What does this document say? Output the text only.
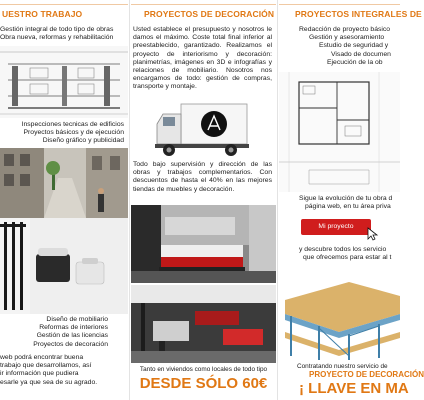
UESTRO TRABAJO
Gestión integral de todo tipo de obras
Obra nueva, reformas y rehabilitación
Inspecciones tecnicas de edificios
Proyectos básicos y de ejecución
Diseño gráfico y publicidad
Diseño de mobiliario
Reformas de interiores
Gestión de las licencias
Proyectos de decoración
web podrá encontrar buena
trabajo que desarrollamos, así
ir información que pudiera
esarle ya que sea de su agrado.
PROYECTOS DE DECORACIÓN
Usted establece el presupuesto y nosotros le damos el máximo. Coste total final inferior al preestablecido, garantizado. Realizamos el proyecto de interiorismo y decoración: planimetrías, imágenes en 3D e infografías y relaciones de mobiliario. Nosotros nos encargamos de todo: gestión de compras, transporte y montaje.
Todo bajo supervisión y dirección de las obras y trabajos complementarios. Con descuentos de hasta el 40% en las mejores tiendas de muebles y decoración.
Tanto en viviendos como locales de todo tipo
DESDE SÓLO 60€
PROYECTOS INTEGRALES DE
Redacción de proyecto básico
Gestión y asesoramiento
Estudio de seguridad y
Visado de documen
Ejecución de la ob
Sigue la evolución de tu obra d
página web, en tu área priva
Mi proyecto
y descubre todos los servicio
que ofrecemos para estar al t
Contratando nuestro servicio de
PROYECTO DE DECORACIÓN
¡ LLAVE EN MA
